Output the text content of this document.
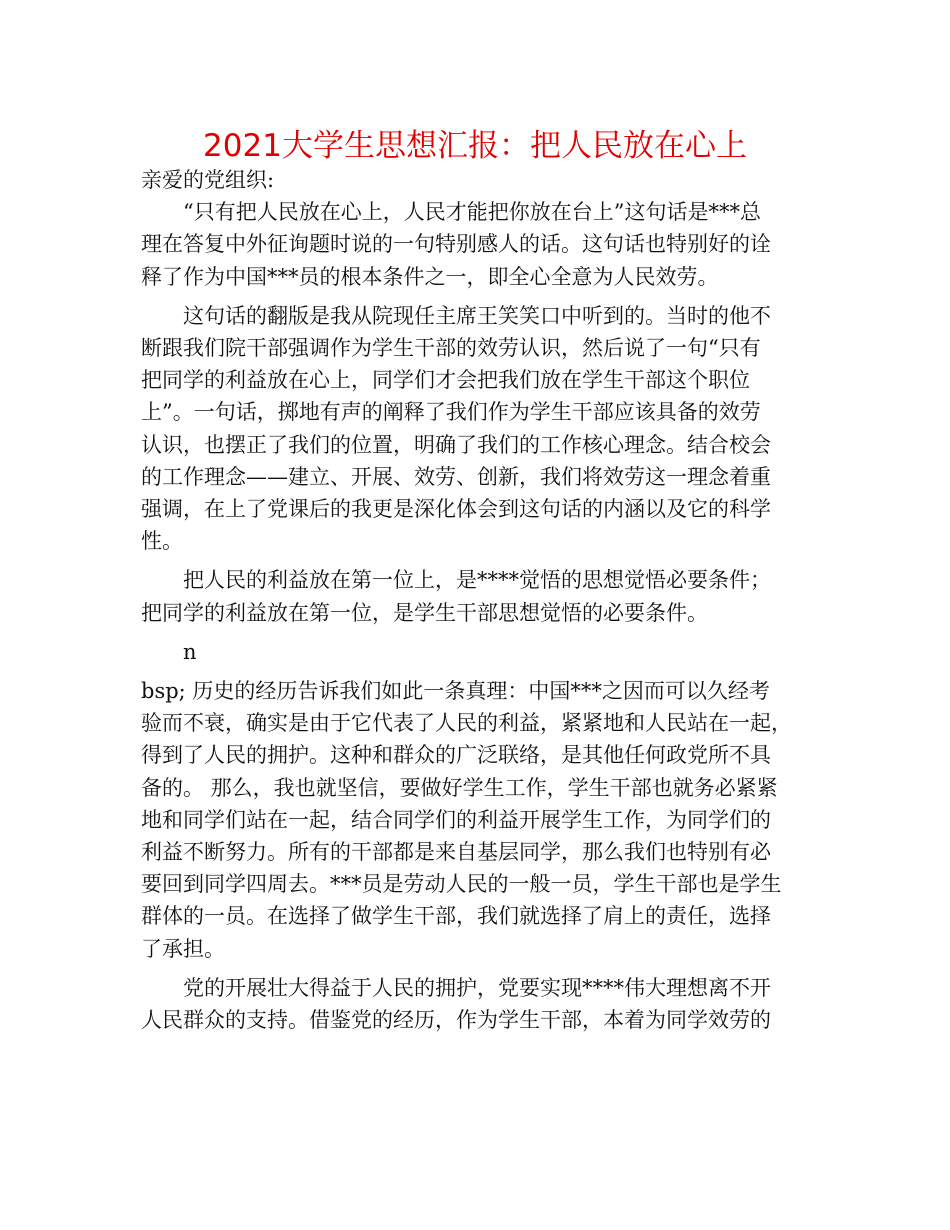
2021大学生思想汇报：把人民放在心上

亲爱的党组织:

“只有把人民放在心上，人民才能把你放在台上”这句话是***总
理在答复中外征询题时说的一句特别感人的话。这句话也特别好的诠
释了作为中国***员的根本条件之一，即全心全意为人民效劳。

这句话的翻版是我从院现任主席王笑笑口中听到的。当时的他不
断跟我们院干部强调作为学生干部的效劳认识，然后说了一句“只有
把同学的利益放在心上，同学们才会把我们放在学生干部这个职位
上”。一句话，掷地有声的阐释了我们作为学生干部应该具备的效劳
认识，也摆正了我们的位置，明确了我们的工作核心理念。结合校会
的工作理念——建立、开展、效劳、创新，我们将效劳这一理念着重
强调，在上了党课后的我更是深化体会到这句话的内涵以及它的科学
性。

把人民的利益放在第一位上，是****觉悟的思想觉悟必要条件；
把同学的利益放在第一位，是学生干部思想觉悟的必要条件。

n

bsp; 历史的经历告诉我们如此一条真理：中国***之因而可以久经考
验而不衰，确实是由于它代表了人民的利益，紧紧地和人民站在一起，
得到了人民的拥护。这种和群众的广泛联络，是其他任何政党所不具
备的。 那么，我也就坚信，要做好学生工作，学生干部也就务必紧紧
地和同学们站在一起，结合同学们的利益开展学生工作，为同学们的
利益不断努力。所有的干部都是来自基层同学，那么我们也特别有必
要回到同学四周去。***员是劳动人民的一般一员，学生干部也是学生
群体的一员。在选择了做学生干部，我们就选择了肩上的责任，选择
了承担。

党的开展壮大得益于人民的拥护，党要实现****伟大理想离不开
人民群众的支持。借鉴党的经历，作为学生干部，本着为同学效劳的
